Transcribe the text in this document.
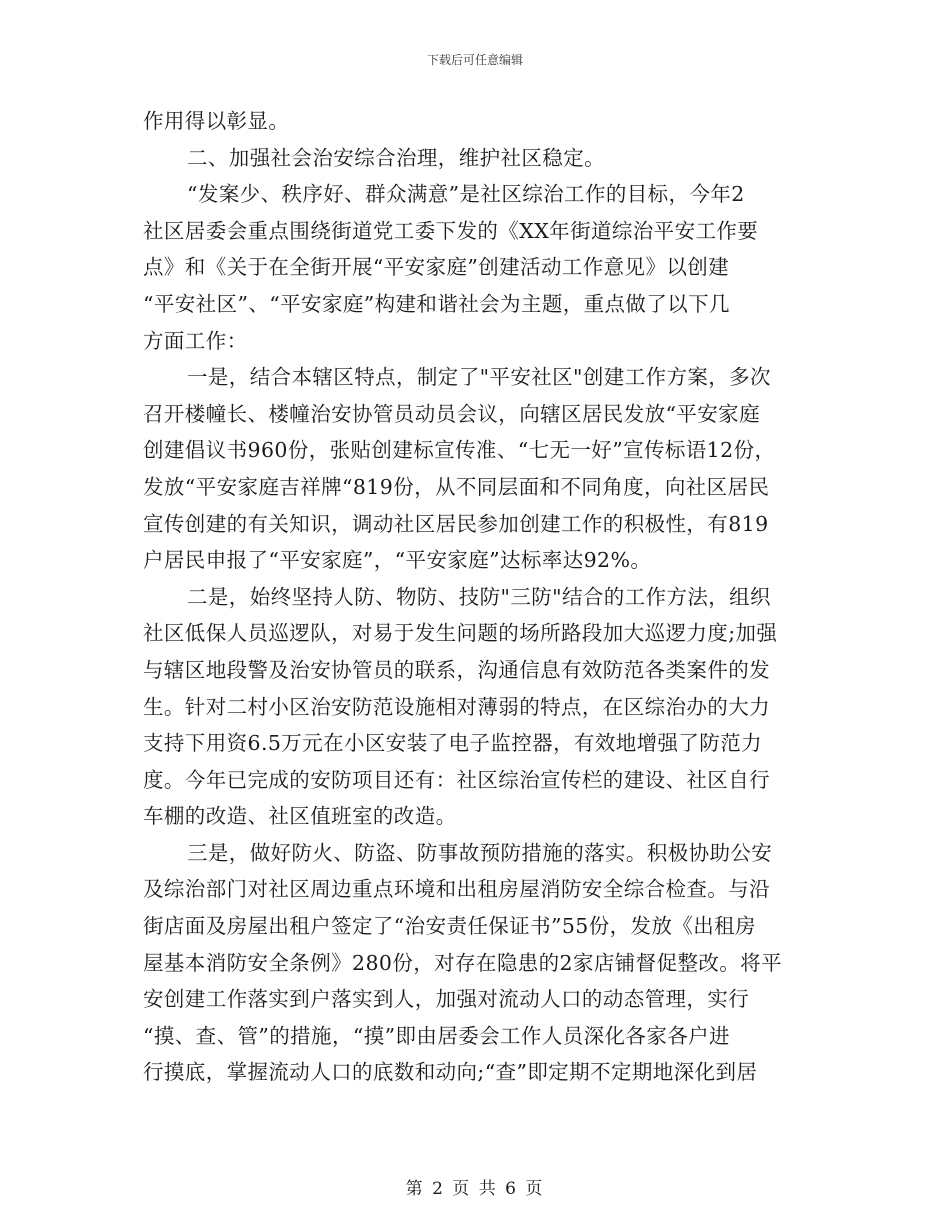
下载后可任意编辑
作用得以彰显。
二、加强社会治安综合治理，维护社区稳定。
“发案少、秩序好、群众满意”是社区综治工作的目标，今年2
社区居委会重点围绕街道党工委下发的《XX年街道综治平安工作要
点》和《关于在全街开展“平安家庭”创建活动工作意见》以创建
“平安社区”、“平安家庭”构建和谐社会为主题，重点做了以下几
方面工作：
一是，结合本辖区特点，制定了"平安社区"创建工作方案，多次
召开楼幢长、楼幢治安协管员动员会议，向辖区居民发放“平安家庭
创建倡议书960份，张贴创建标宣传准、“七无一好”宣传标语12份，
发放“平安家庭吉祥牌“819份，从不同层面和不同角度，向社区居民
宣传创建的有关知识，调动社区居民参加创建工作的积极性，有819
户居民申报了“平安家庭”，“平安家庭”达标率达92%。
二是，始终坚持人防、物防、技防"三防"结合的工作方法，组织
社区低保人员巡逻队，对易于发生问题的场所路段加大巡逻力度;加强
与辖区地段警及治安协管员的联系，沟通信息有效防范各类案件的发
生。针对二村小区治安防范设施相对薄弱的特点，在区综治办的大力
支持下用资6.5万元在小区安装了电子监控器，有效地增强了防范力
度。今年已完成的安防项目还有：社区综治宣传栏的建设、社区自行
车棚的改造、社区值班室的改造。
三是，做好防火、防盗、防事故预防措施的落实。积极协助公安
及综治部门对社区周边重点环境和出租房屋消防安全综合检查。与沿
街店面及房屋出租户签定了“治安责任保证书”55份，发放《出租房
屋基本消防安全条例》280份，对存在隐患的2家店铺督促整改。将平
安创建工作落实到户落实到人，加强对流动人口的动态管理，实行
“摸、查、管”的措施，“摸”即由居委会工作人员深化各家各户进
行摸底，掌握流动人口的底数和动向;“查”即定期不定期地深化到居
第 2 页 共 6 页
